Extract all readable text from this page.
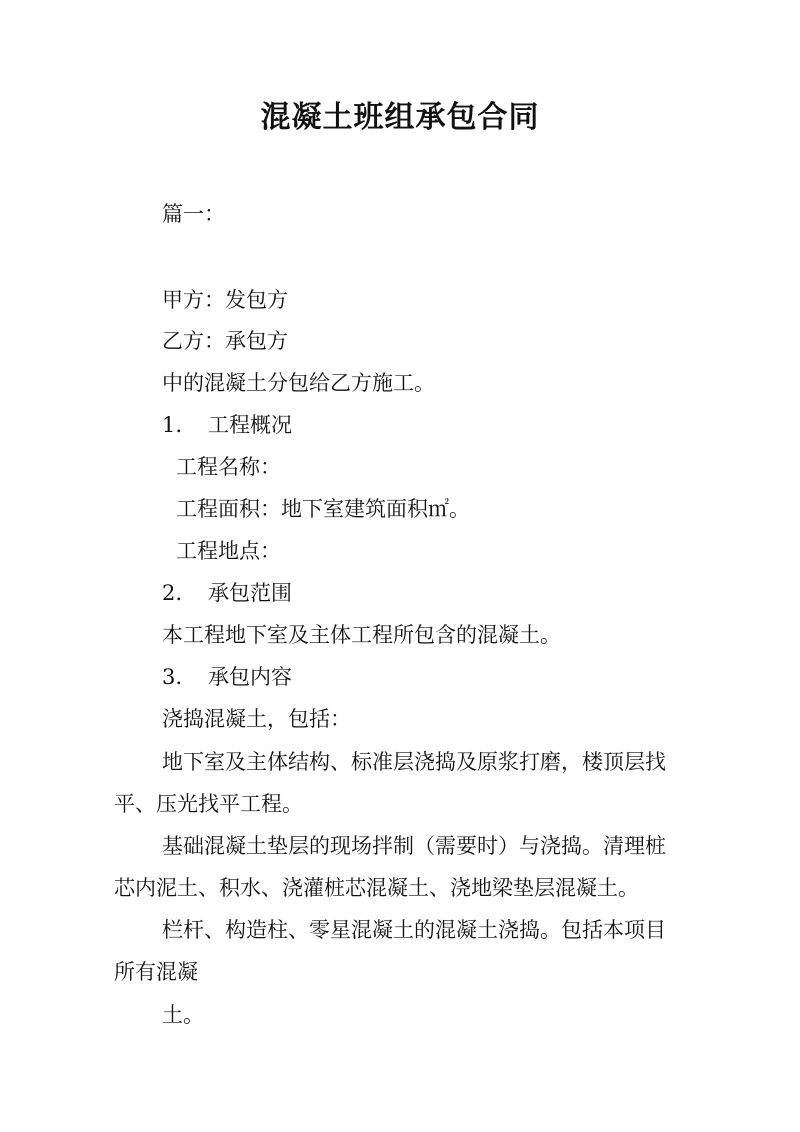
混凝土班组承包合同
篇一：
甲方：发包方
乙方：承包方
中的混凝土分包给乙方施工。
1. 工程概况
工程名称：
工程面积：地下室建筑面积㎡。
工程地点：
2. 承包范围
本工程地下室及主体工程所包含的混凝土。
3. 承包内容
浇捣混凝土，包括：
地下室及主体结构、标准层浇捣及原浆打磨，楼顶层找
平、压光找平工程。
基础混凝土垫层的现场拌制（需要时）与浇捣。清理桩
芯内泥土、积水、浇灌桩芯混凝土、浇地梁垫层混凝土。
栏杆、构造柱、零星混凝土的混凝土浇捣。包括本项目
所有混凝
土。
